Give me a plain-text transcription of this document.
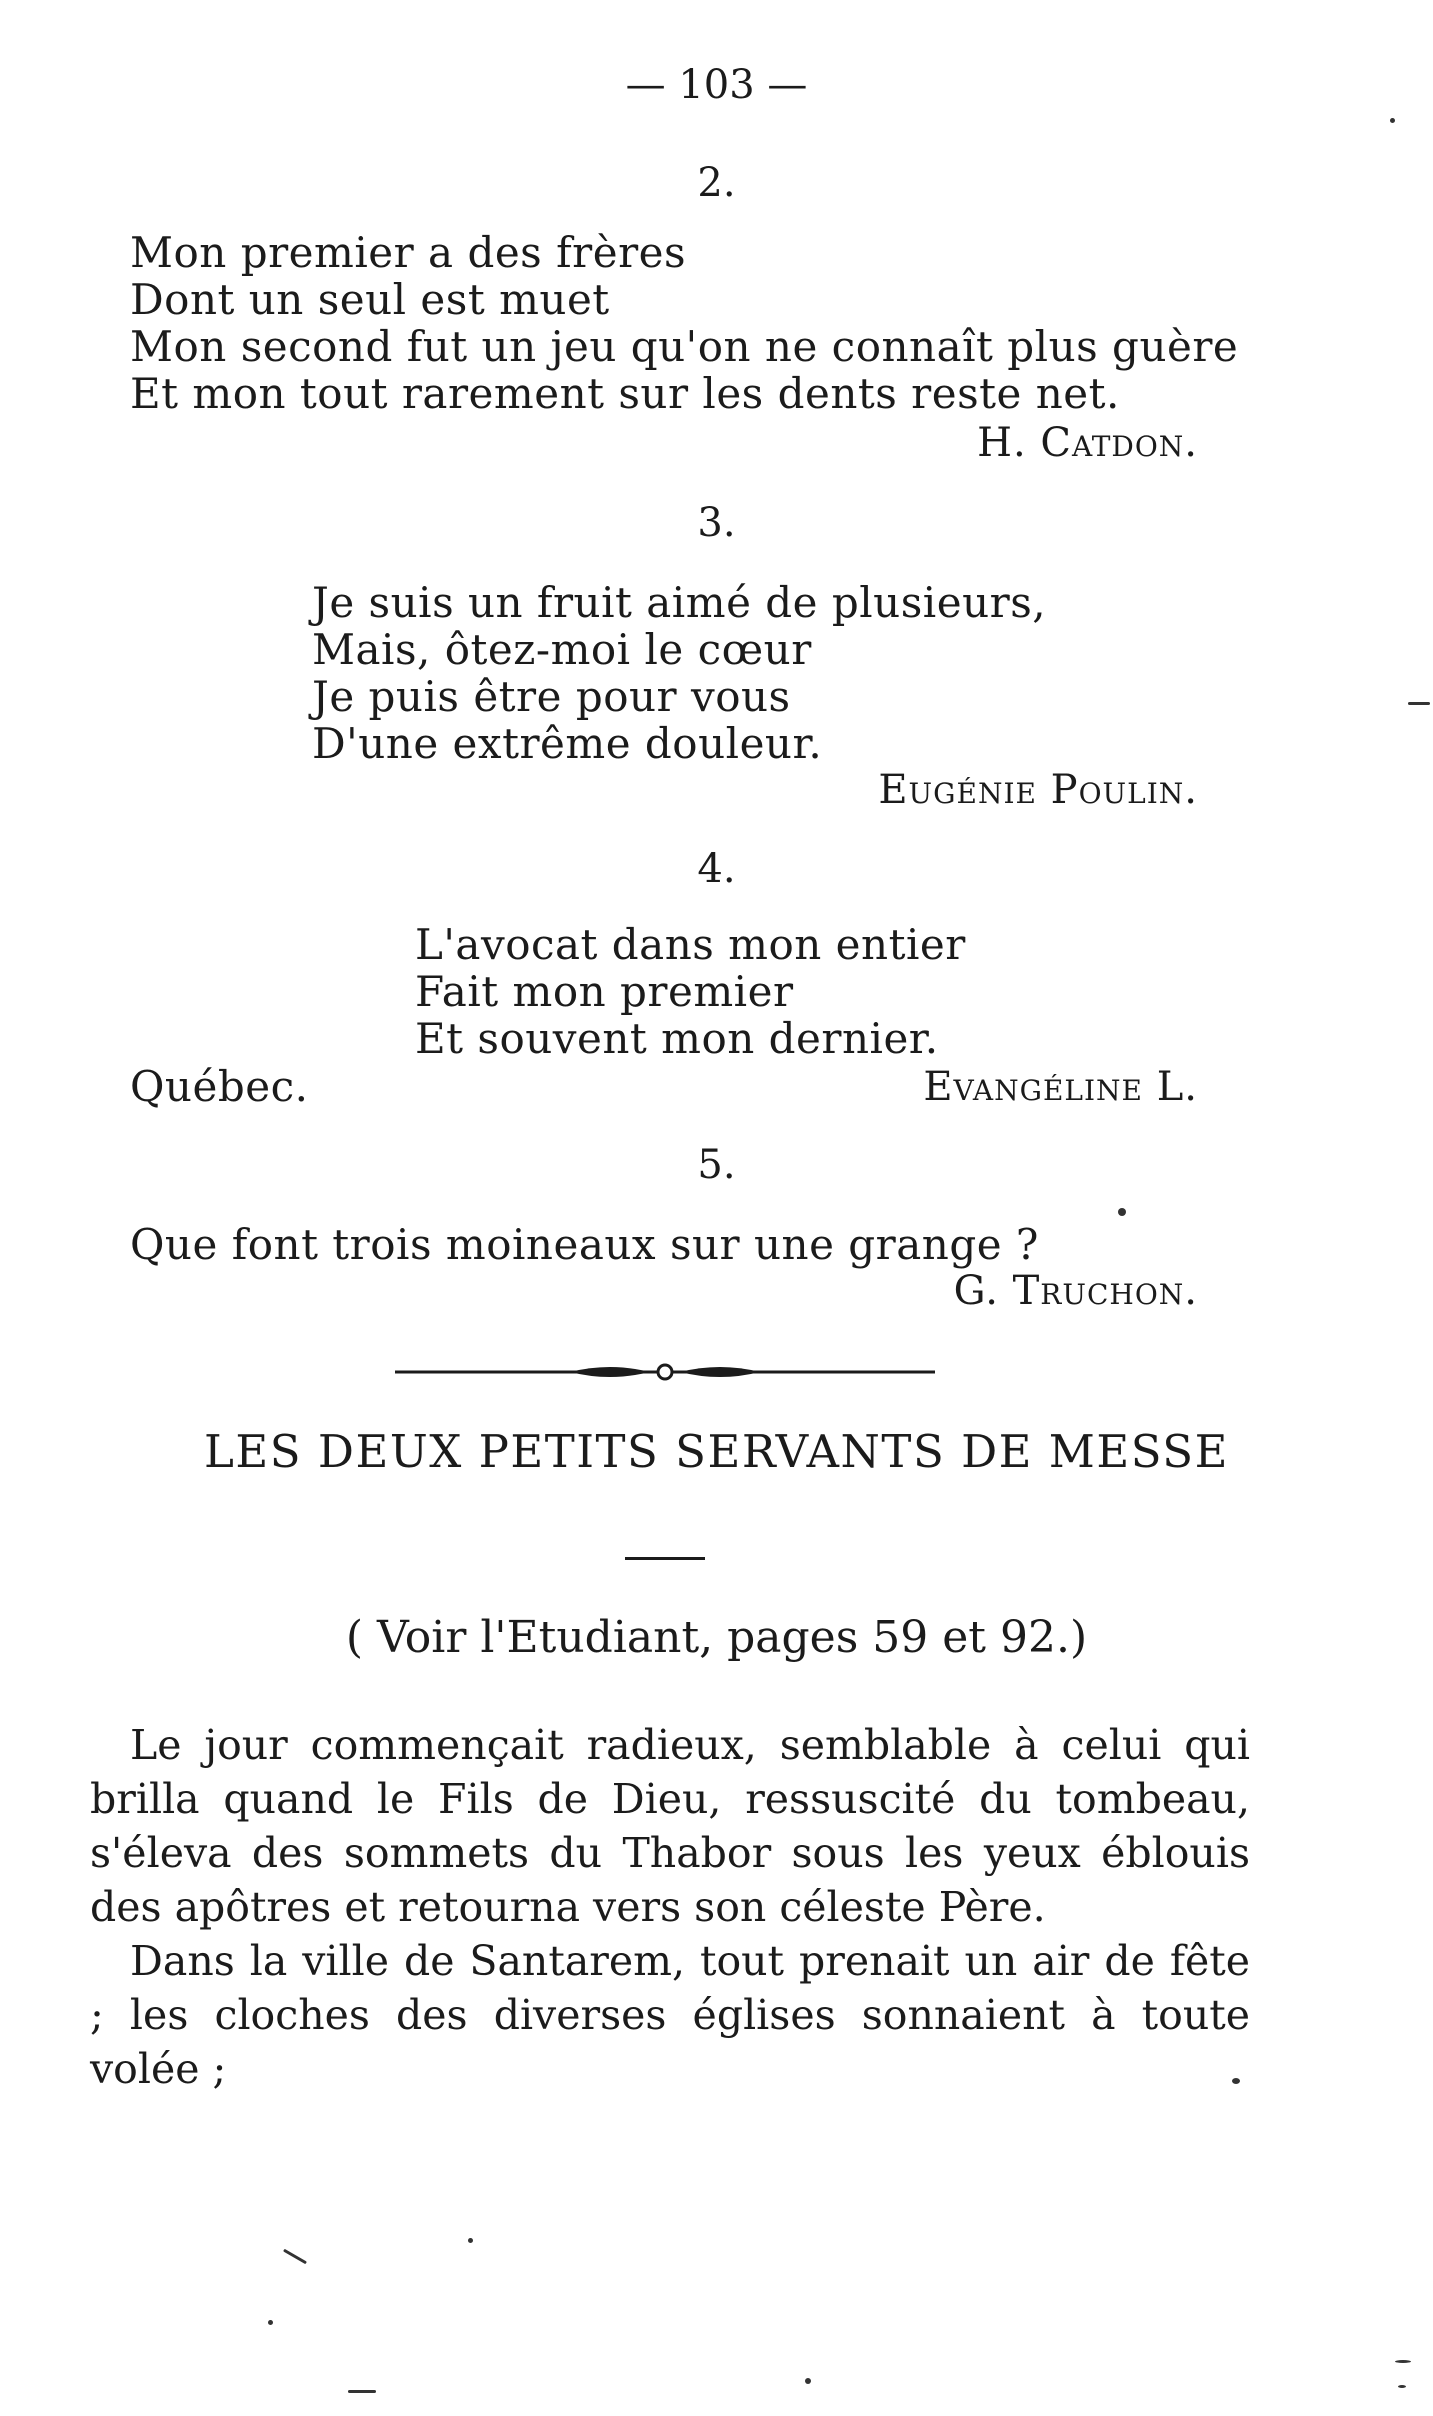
— 103 —
2.
Mon premier a des frères
Dont un seul est muet
Mon second fut un jeu qu'on ne connaît plus guère
Et mon tout rarement sur les dents reste net.
H. Catdon.
3.
Je suis un fruit aimé de plusieurs,
Mais, ôtez-moi le cœur
Je puis être pour vous
D'une extrême douleur.
Eugénie Poulin.
4.
L'avocat dans mon entier
Fait mon premier
Et souvent mon dernier.
Québec.	Evangéline L.
5.
Que font trois moineaux sur une grange ?
G. Truchon.
LES DEUX PETITS SERVANTS DE MESSE
( Voir l'Etudiant, pages 59 et 92.)

Le jour commençait radieux, semblable à celui qui brilla quand le Fils de Dieu, ressuscité du tombeau, s'éleva des sommets du Thabor sous les yeux éblouis des apôtres et retourna vers son céleste Père.

Dans la ville de Santarem, tout prenait un air de fête ; les cloches des diverses églises sonnaient à toute volée ;
